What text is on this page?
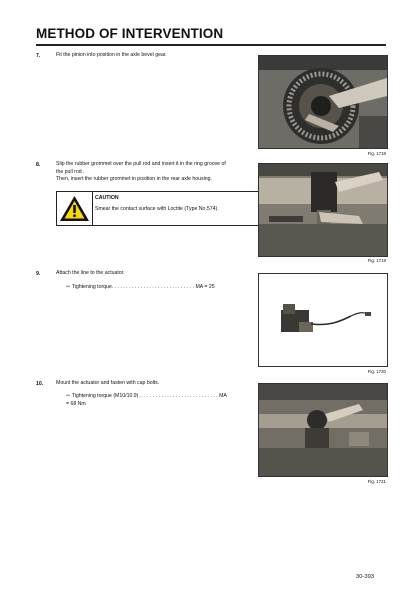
METHOD OF INTERVENTION
7.	Fit the pinion into position in the axle bevel gear.
Fig. 1718
8.	Slip the rubber grommet over the pull rod and insert it in the ring groove of
the pull rod .
Then, insert the rubber grommet in position in the rear axle housing.
CAUTION
Smear the contact surface with Loctite (Type No.574).
Fig. 1719
9.	Attach the line to the actuator.
⇨ Tightening torque. . . . . . . . . . . . . . . . . . . . . . . . . . . . . MA = 25
Fig. 1720
10. Mount the actuator and fasten with cap bolts.
⇨ Tightening torque (M10/10.9). . . . . . . . . . . . . . . . . . . . . . . . . . . . MA
= 68 Nm
Fig. 1721
30-393
